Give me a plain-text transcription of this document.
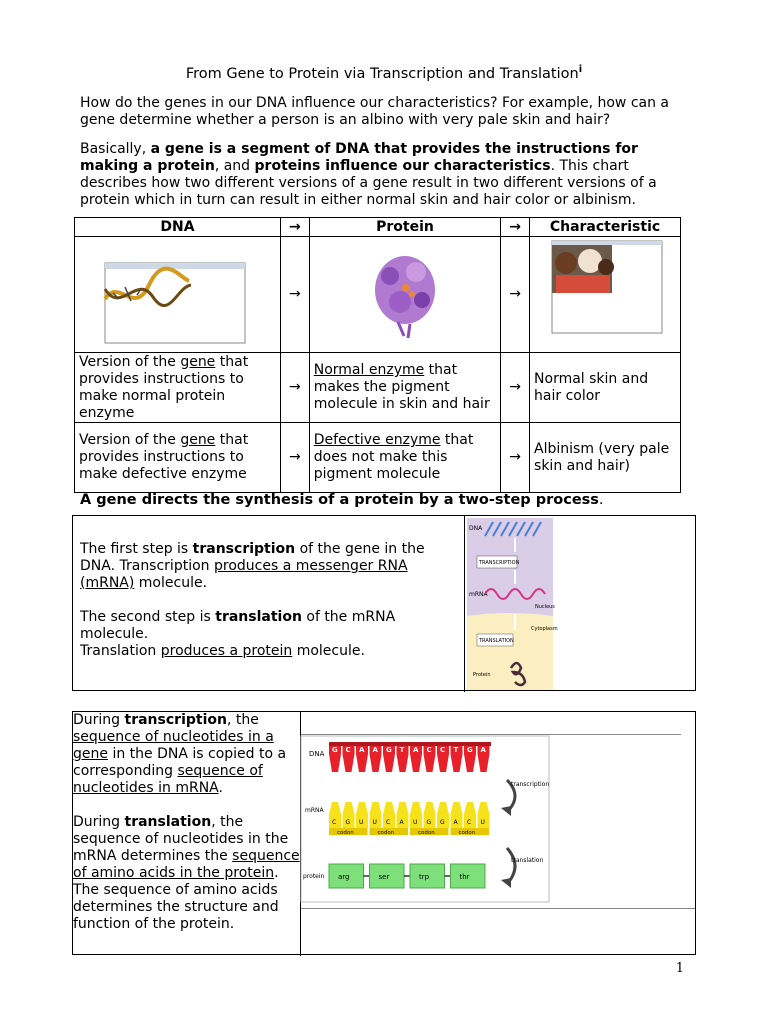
From Gene to Protein via Transcription and Translation$^i$

How do the genes in our DNA influence our characteristics? For example, how can a gene determine whether a person is an albino with very pale skin and hair?

Basically, a gene is a segment of DNA that provides the instructions for making a protein, and proteins influence our characteristics. This chart describes how two different versions of a gene result in two different versions of a protein which in turn can result in either normal skin and hair color or albinism.

DNA	→	Protein	→	Characteristic
	→		→	
Version of the gene that provides instructions to make normal protein enzyme	→	Normal enzyme that makes the pigment molecule in skin and hair	→	Normal skin and hair color
Version of the gene that provides instructions to make defective enzyme	→	Defective enzyme that does not make this pigment molecule	→	Albinism (very pale skin and hair)

A gene directs the synthesis of a protein by a two-step process.

The first step is transcription of the gene in the DNA. Transcription produces a messenger RNA (mRNA) molecule.

The second step is translation of the mRNA molecule.

Translation produces a protein molecule.

DNA
TRANSCRIPTION
mRNA
Nucleus
Cytoplasm
TRANSLATION
Protein

During transcription, the sequence of nucleotides in a gene in the DNA is copied to a corresponding sequence of nucleotides in mRNA.

During translation, the sequence of nucleotides in the mRNA determines the sequence of amino acids in the protein. The sequence of amino acids determines the structure and function of the protein.

DNA G C A A G T A C C T G A
mRNA
C G U U C A U G G A C U
codon	codon	codon	codon
transcription
translation
protein arg	ser	trp	thr
1
